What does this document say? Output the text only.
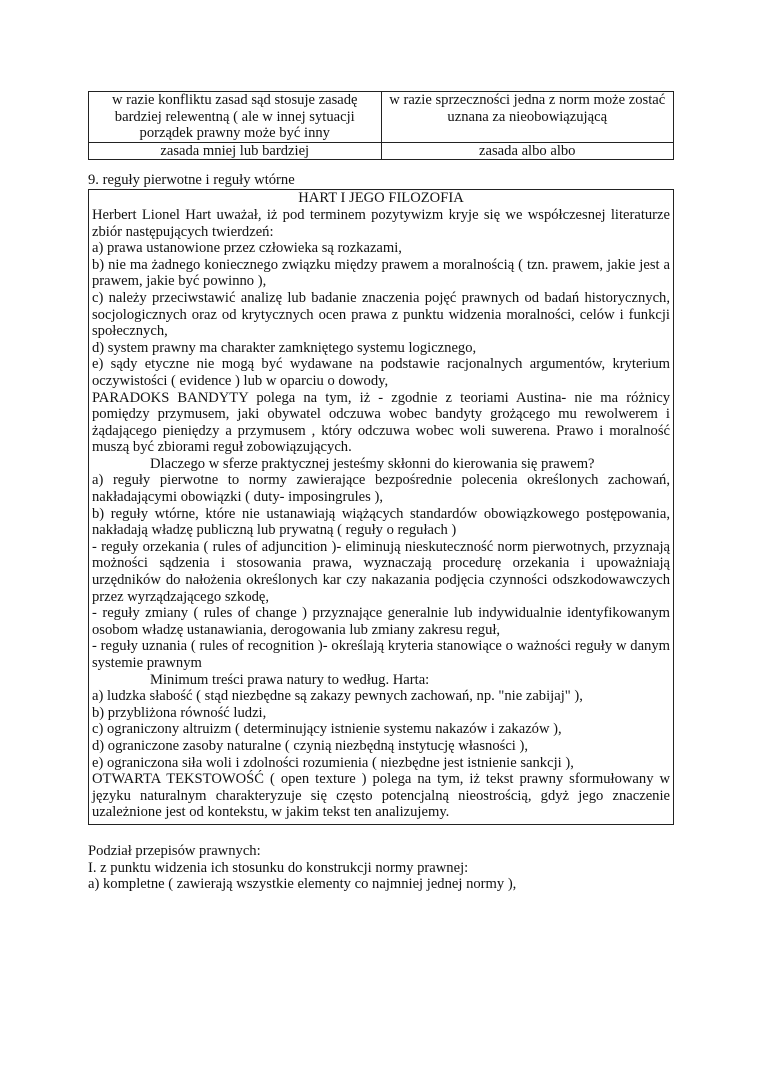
w razie konfliktu zasad sąd stosuje zasadę bardziej relewentną ( ale w innej sytuacji porządek prawny może być inny	w razie sprzeczności jedna z norm może zostać uznana za nieobowiązującą
zasada mniej lub bardziej	zasada albo albo
9. reguły pierwotne i reguły wtórne
HART I JEGO FILOZOFIA
Herbert Lionel Hart uważał, iż pod terminem pozytywizm kryje się we współczesnej literaturze zbiór następujących twierdzeń:
a) prawa ustanowione przez człowieka są rozkazami,
b) nie ma żadnego koniecznego związku między prawem a moralnością ( tzn. prawem, jakie jest a prawem, jakie być powinno ),
c) należy przeciwstawić analizę lub badanie znaczenia pojęć prawnych od badań historycznych, socjologicznych oraz od krytycznych ocen prawa z punktu widzenia moralności, celów i funkcji społecznych,
d) system prawny ma charakter zamkniętego systemu logicznego,
e) sądy etyczne nie mogą być wydawane na podstawie racjonalnych argumentów, kryterium oczywistości ( evidence ) lub w oparciu o dowody,
PARADOKS BANDYTY polega na tym, iż - zgodnie z teoriami Austina- nie ma różnicy pomiędzy przymusem, jaki obywatel odczuwa wobec bandyty grożącego mu rewolwerem i żądającego pieniędzy a przymusem , który odczuwa wobec woli suwerena. Prawo i moralność muszą być zbiorami reguł zobowiązujących.
Dlaczego w sferze praktycznej jesteśmy skłonni do kierowania się prawem?
a) reguły pierwotne to normy zawierające bezpośrednie polecenia określonych zachowań, nakładającymi obowiązki ( duty- imposingrules ),
b) reguły wtórne, które nie ustanawiają wiążących standardów obowiązkowego postępowania, nakładają władzę publiczną lub prywatną ( reguły o regułach )
- reguły orzekania ( rules of adjuncition )- eliminują nieskuteczność norm pierwotnych, przyznają możności sądzenia i stosowania prawa, wyznaczają procedurę orzekania i upoważniają urzędników do nałożenia określonych kar czy nakazania podjęcia czynności odszkodowawczych przez wyrządzającego szkodę,
- reguły zmiany ( rules of change ) przyznające generalnie lub indywidualnie identyfikowanym osobom władzę ustanawiania, derogowania lub zmiany zakresu reguł,
- reguły uznania ( rules of recognition )- określają kryteria stanowiące o ważności reguły w danym systemie prawnym
Minimum treści prawa natury to według. Harta:
a) ludzka słabość ( stąd niezbędne są zakazy pewnych zachowań, np. "nie zabijaj" ),
b) przybliżona równość ludzi,
c) ograniczony altruizm ( determinujący istnienie systemu nakazów i zakazów ),
d) ograniczone zasoby naturalne ( czynią niezbędną instytucję własności ),
e) ograniczona siła woli i zdolności rozumienia ( niezbędne jest istnienie sankcji ),
OTWARTA TEKSTOWOŚĆ ( open texture ) polega na tym, iż tekst prawny sformułowany w języku naturalnym charakteryzuje się często potencjalną nieostrością, gdyż jego znaczenie uzależnione jest od kontekstu, w jakim tekst ten analizujemy.
Podział przepisów prawnych:
I. z punktu widzenia ich stosunku do konstrukcji normy prawnej:
a) kompletne ( zawierają wszystkie elementy co najmniej jednej normy ),
